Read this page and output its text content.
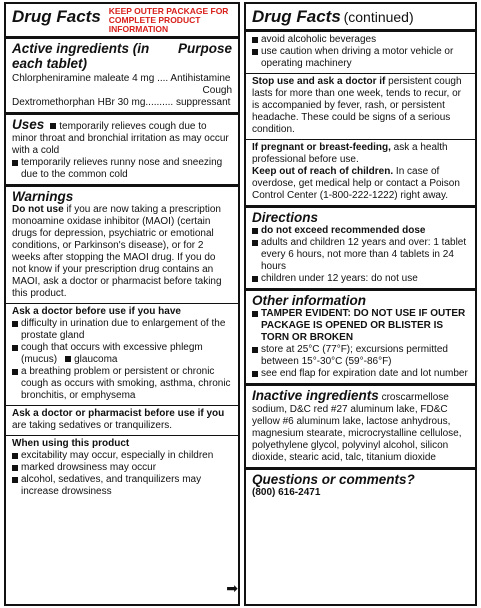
Drug Facts KEEP OUTER PACKAGE FOR COMPLETE PRODUCT INFORMATION
Active ingredients (in each tablet)
Purpose

Chlorpheniramine maleate 4 mg .... Antihistamine

Cough

Dextromethorphan HBr 30 mg.......... suppressant

Uses temporarily relieves cough due to minor throat and bronchial irritation as may occur with a cold
temporarily relieves runny nose and sneezing due to the common cold
Warnings

Do not use if you are now taking a prescription monoamine oxidase inhibitor (MAOI) (certain drugs for depression, psychiatric or emotional conditions, or Parkinson's disease), or for 2 weeks after stopping the MAOI drug. If you do not know if your prescription drug contains an MAOI, ask a doctor or pharmacist before taking this product.

Ask a doctor before use if you have
difficulty in urination due to enlargement of the prostate gland
cough that occurs with excessive phlegm (mucus) glaucoma
a breathing problem or persistent or chronic cough as occurs with smoking, asthma, chronic bronchitis, or emphysema

Ask a doctor or pharmacist before use if you are taking sedatives or tranquilizers.

When using this product
excitability may occur, especially in children
marked drowsiness may occur
alcohol, sedatives, and tranquilizers may increase drowsiness
➡
Drug Facts (continued)
avoid alcoholic beverages
use caution when driving a motor vehicle or operating machinery

Stop use and ask a doctor if persistent cough lasts for more than one week, tends to recur, or is accompanied by fever, rash, or persistent headache. These could be signs of a serious condition.

If pregnant or breast-feeding, ask a health professional before use.

Keep out of reach of children. In case of overdose, get medical help or contact a Poison Control Center (1-800-222-1222) right away.

Directions
do not exceed recommended dose
adults and children 12 years and over: 1 tablet every 6 hours, not more than 4 tablets in 24 hours
children under 12 years: do not use
Other information
TAMPER EVIDENT: DO NOT USE IF OUTER PACKAGE IS OPENED OR BLISTER IS TORN OR BROKEN
store at 25°C (77°F); excursions permitted between 15°-30°C (59°-86°F)
see end flap for expiration date and lot number

Inactive ingredients croscarmellose sodium, D&C red #27 aluminum lake, FD&C yellow #6 aluminum lake, lactose anhydrous, magnesium stearate, microcrystalline cellulose, polyethylene glycol, polyvinyl alcohol, silicon dioxide, stearic acid, talc, titanium dioxide

Questions or comments?
(800) 616-2471
